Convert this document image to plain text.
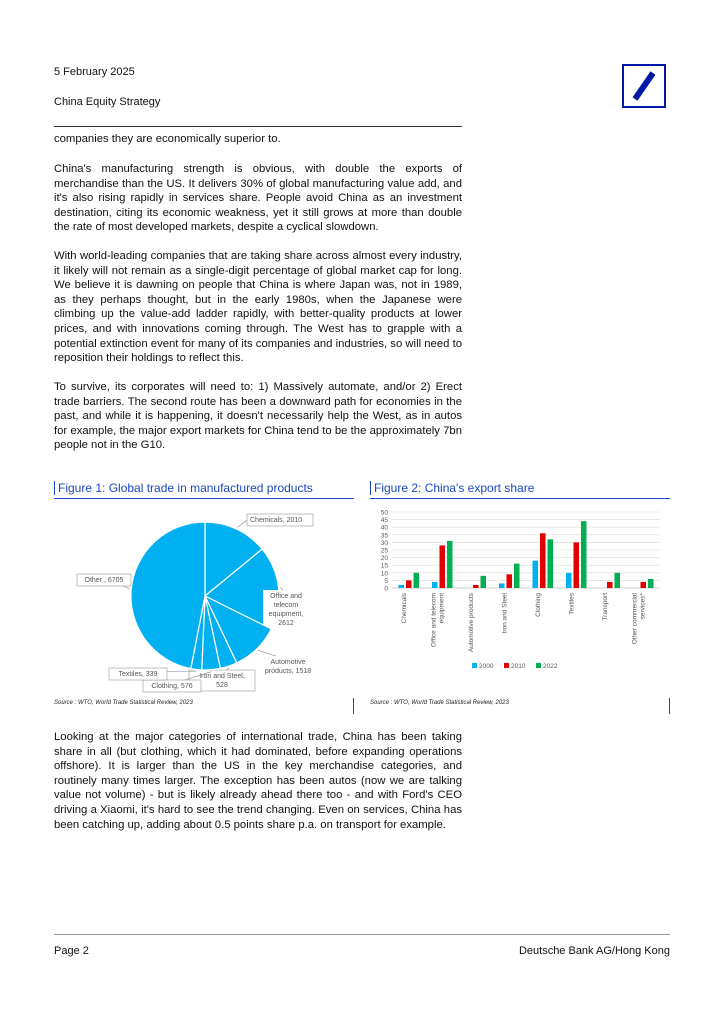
5 February 2025
China Equity Strategy

companies they are economically superior to.

China's manufacturing strength is obvious, with double the exports of merchandise than the US. It delivers 30% of global manufacturing value add, and it's also rising rapidly in services share. People avoid China as an investment destination, citing its economic weakness, yet it still grows at more than double the rate of most developed markets, despite a cyclical slowdown.

With world-leading companies that are taking share across almost every industry, it likely will not remain as a single-digit percentage of global market cap for long. We believe it is dawning on people that China is where Japan was, not in 1989, as they perhaps thought, but in the early 1980s, when the Japanese were climbing up the value-add ladder rapidly, with better-quality products at lower prices, and with innovations coming through. The West has to grapple with a potential extinction event for many of its companies and industries, so will need to reposition their holdings to reflect this.

To survive, its corporates will need to: 1) Massively automate, and/or 2) Erect trade barriers. The second route has been a downward path for economies in the past, and while it is happening, it doesn't necessarily help the West, as in autos for example, the major export markets for China tend to be the approximately 7bn people not in the G10.

Figure 1: Global trade in manufactured products
Chemicals, 2010
Office and
telecom
equipment,
2612
Automotive
products, 1518
Iron and Steel,
528
Clothing, 576
Textiles, 339
Other , 6705
Source : WTO, World Trade Statistical Review, 2023
Figure 2: China's export share
0
5
10
15
20
25
30
35
40
45
50
Chemicals	Office and telecom equipment	Automotive products	Iron and Steel	Clothing	Textiles	Transport	Other commercial services*
2000	2010	2022
Source : WTO, World Trade Statistical Review, 2023

Looking at the major categories of international trade, China has been taking share in all (but clothing, which it had dominated, before expanding operations offshore). It is larger than the US in the key merchandise categories, and routinely many times larger. The exception has been autos (now we are talking value not volume) - but is likely already ahead there too - and with Ford's CEO driving a Xiaomi, it's hard to see the trend changing. Even on services, China has been catching up, adding about 0.5 points share p.a. on transport for example.

Page 2	Deutsche Bank AG/Hong Kong
